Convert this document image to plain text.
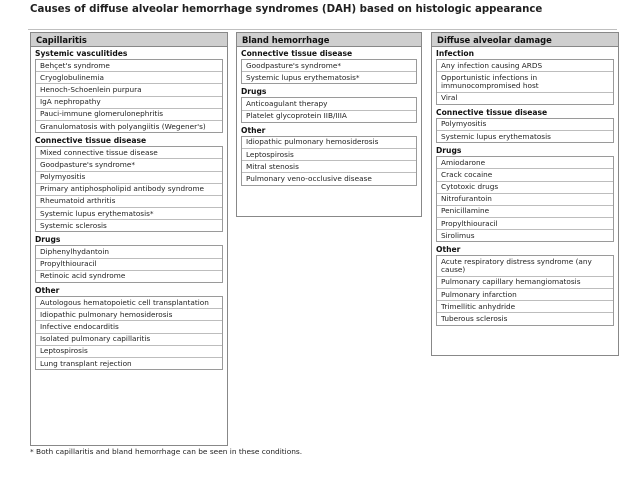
Causes of diffuse alveolar hemorrhage syndromes (DAH) based on histologic appearance
Capillaritis
Systemic vasculitides
Behçet's syndrome
Cryoglobulinemia
Henoch-Schoenlein purpura
IgA nephropathy
Pauci-immune glomerulonephritis
Granulomatosis with polyangiitis (Wegener's)
Connective tissue disease
Mixed connective tissue disease
Goodpasture's syndrome*
Polymyositis
Primary antiphospholipid antibody syndrome
Rheumatoid arthritis
Systemic lupus erythematosis*
Systemic sclerosis
Drugs
Diphenylhydantoin
Propylthiouracil
Retinoic acid syndrome
Other
Autologous hematopoietic cell transplantation
Idiopathic pulmonary hemosiderosis
Infective endocarditis
Isolated pulmonary capillaritis
Leptospirosis
Lung transplant rejection
Bland hemorrhage
Connective tissue disease
Goodpasture's syndrome*
Systemic lupus erythematosis*
Drugs
Anticoagulant therapy
Platelet glycoprotein IIB/IIIA
Other
Idiopathic pulmonary hemosiderosis
Leptospirosis
Mitral stenosis
Pulmonary veno-occlusive disease
Diffuse alveolar damage
Infection
Any infection causing ARDS
Opportunistic infections in immunocompromised host
Viral
Connective tissue disease
Polymyositis
Systemic lupus erythematosis
Drugs
Amiodarone
Crack cocaine
Cytotoxic drugs
Nitrofurantoin
Penicillamine
Propylthiouracil
Sirolimus
Other
Acute respiratory distress syndrome (any cause)
Pulmonary capillary hemangiomatosis
Pulmonary infarction
Trimellitic anhydride
Tuberous sclerosis
* Both capillaritis and bland hemorrhage can be seen in these conditions.
